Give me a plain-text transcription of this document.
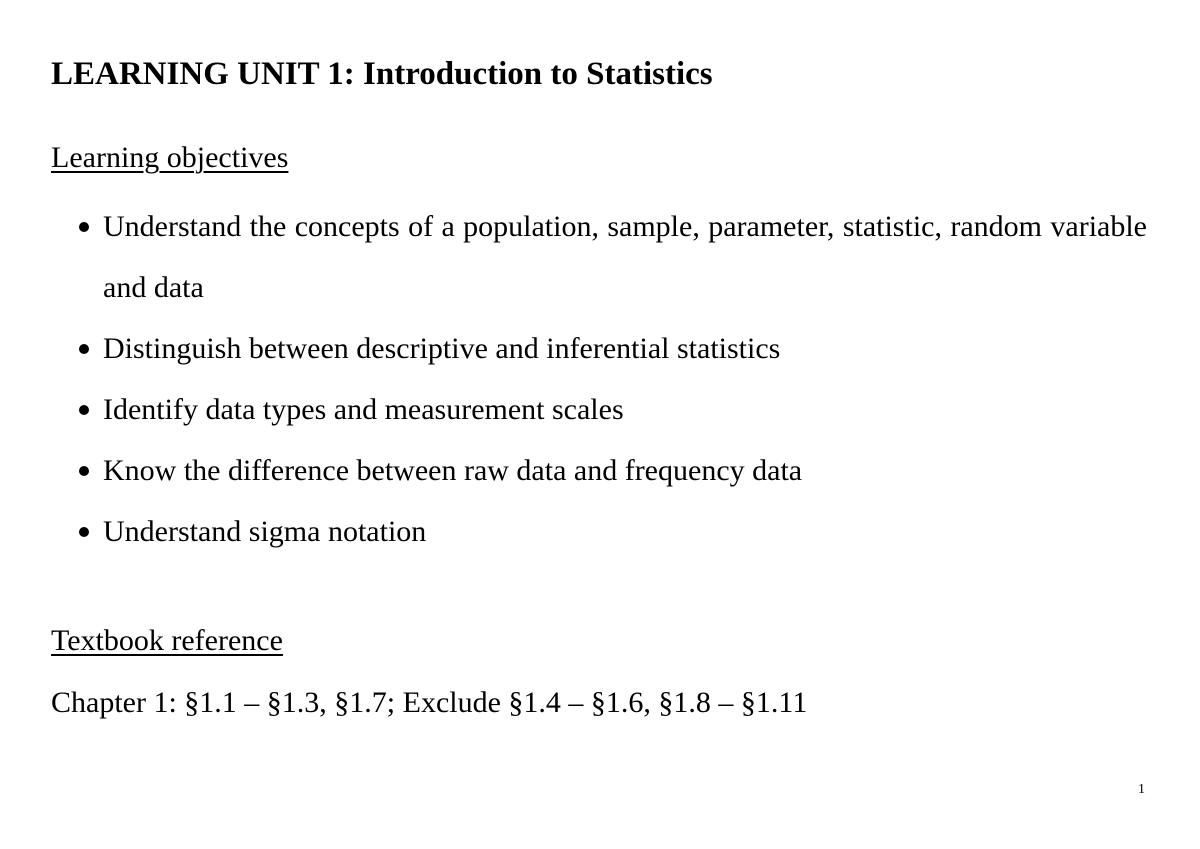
LEARNING UNIT 1: Introduction to Statistics
Learning objectives
Understand the concepts of a population, sample, parameter, statistic, random variable and data
Distinguish between descriptive and inferential statistics
Identify data types and measurement scales
Know the difference between raw data and frequency data
Understand sigma notation
Textbook reference

Chapter 1: §1.1 – §1.3, §1.7; Exclude §1.4 – §1.6, §1.8 – §1.11

1
